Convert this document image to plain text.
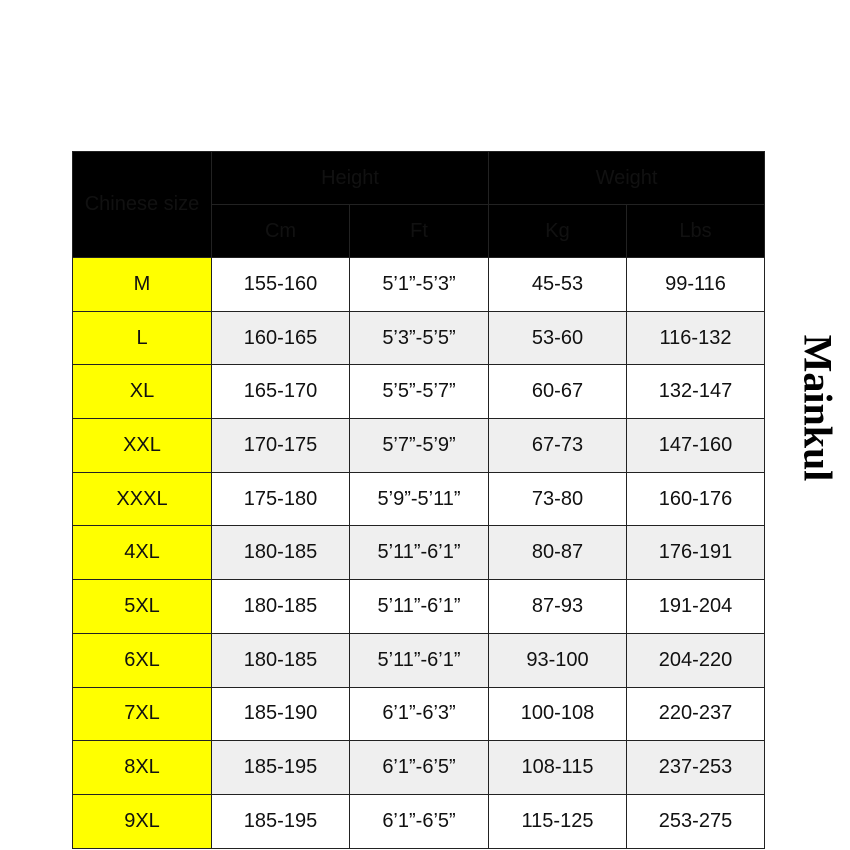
Chinese size	Height		Weight	
	Cm	Ft	Kg	Lbs
M	155-160	5’1”-5’3”	45-53	99-116
L	160-165	5’3”-5’5”	53-60	116-132
XL	165-170	5’5”-5’7”	60-67	132-147
XXL	170-175	5’7”-5’9”	67-73	147-160
XXXL	175-180	5’9”-5’11”	73-80	160-176
4XL	180-185	5’11”-6’1”	80-87	176-191
5XL	180-185	5’11”-6’1”	87-93	191-204
6XL	180-185	5’11”-6’1”	93-100	204-220
7XL	185-190	6’1”-6’3”	100-108	220-237
8XL	185-195	6’1”-6’5”	108-115	237-253
9XL	185-195	6’1”-6’5”	115-125	253-275
Mainkul
